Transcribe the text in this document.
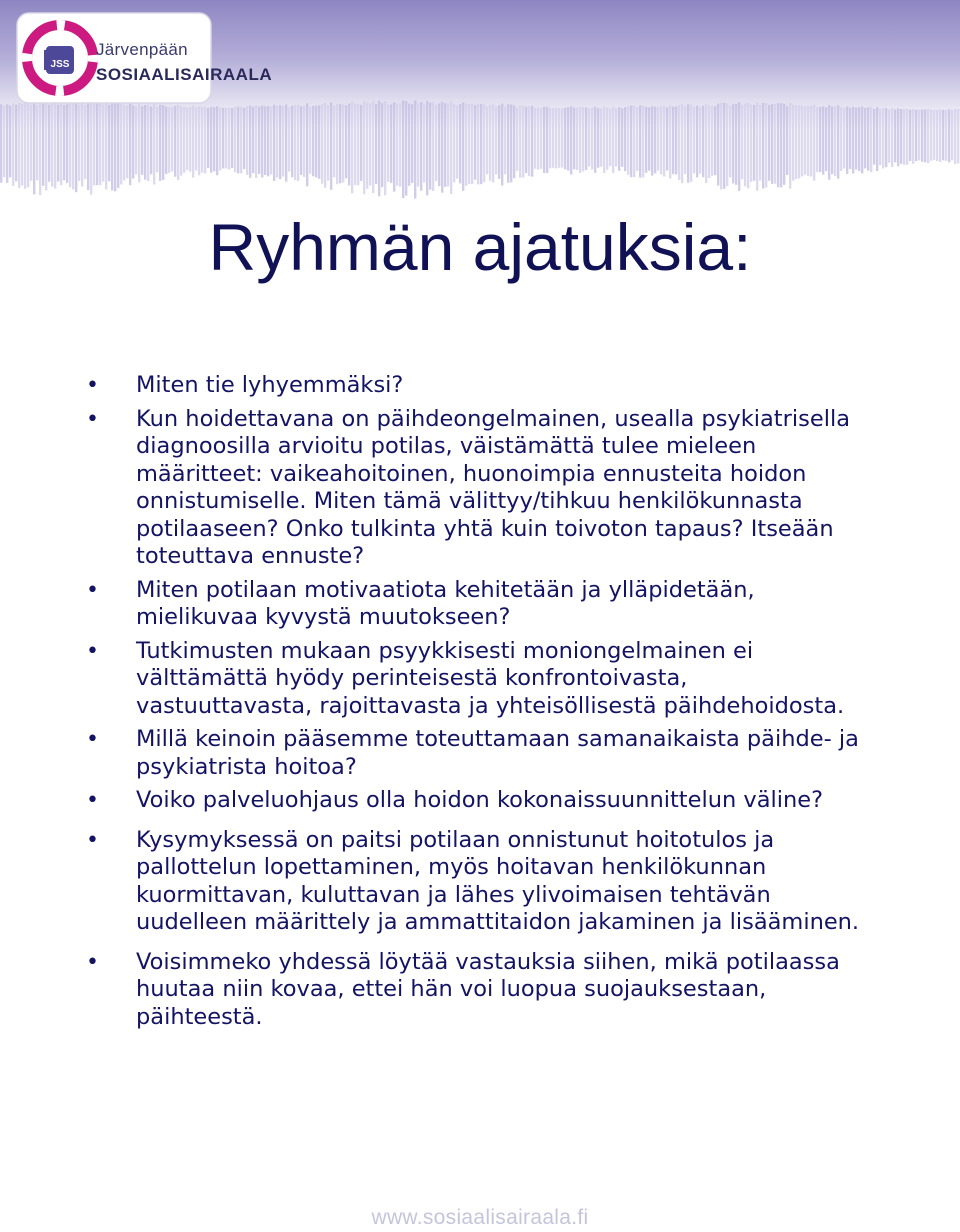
JSS
Järvenpään
SOSIAALISAIRAALA
Ryhmän ajatuksia:
•	Miten tie lyhyemmäksi?
•	Kun hoidettavana on päihdeongelmainen, usealla psykiatrisella diagnoosilla arvioitu potilas, väistämättä tulee mieleen määritteet: vaikeahoitoinen, huonoimpia ennusteita hoidon onnistumiselle. Miten tämä välittyy/tihkuu henkilökunnasta potilaaseen? Onko tulkinta yhtä kuin toivoton tapaus? Itseään toteuttava ennuste?
•	Miten potilaan motivaatiota kehitetään ja ylläpidetään, mielikuvaa kyvystä muutokseen?
•	Tutkimusten mukaan psyykkisesti moniongelmainen ei välttämättä hyödy perinteisestä konfrontoivasta, vastuuttavasta, rajoittavasta ja yhteisöllisestä päihdehoidosta.
•	Millä keinoin pääsemme toteuttamaan samanaikaista päihde- ja psykiatrista hoitoa?
•	Voiko palveluohjaus olla hoidon kokonaissuunnittelun väline?
•	Kysymyksessä on paitsi potilaan onnistunut hoitotulos ja pallottelun lopettaminen, myös hoitavan henkilökunnan kuormittavan, kuluttavan ja lähes ylivoimaisen tehtävän uudelleen määrittely ja ammattitaidon jakaminen ja lisääminen.
•	Voisimmeko yhdessä löytää vastauksia siihen, mikä potilaassa huutaa niin kovaa, ettei hän voi luopua suojauksestaan, päihteestä.
www.sosiaalisairaala.fi
